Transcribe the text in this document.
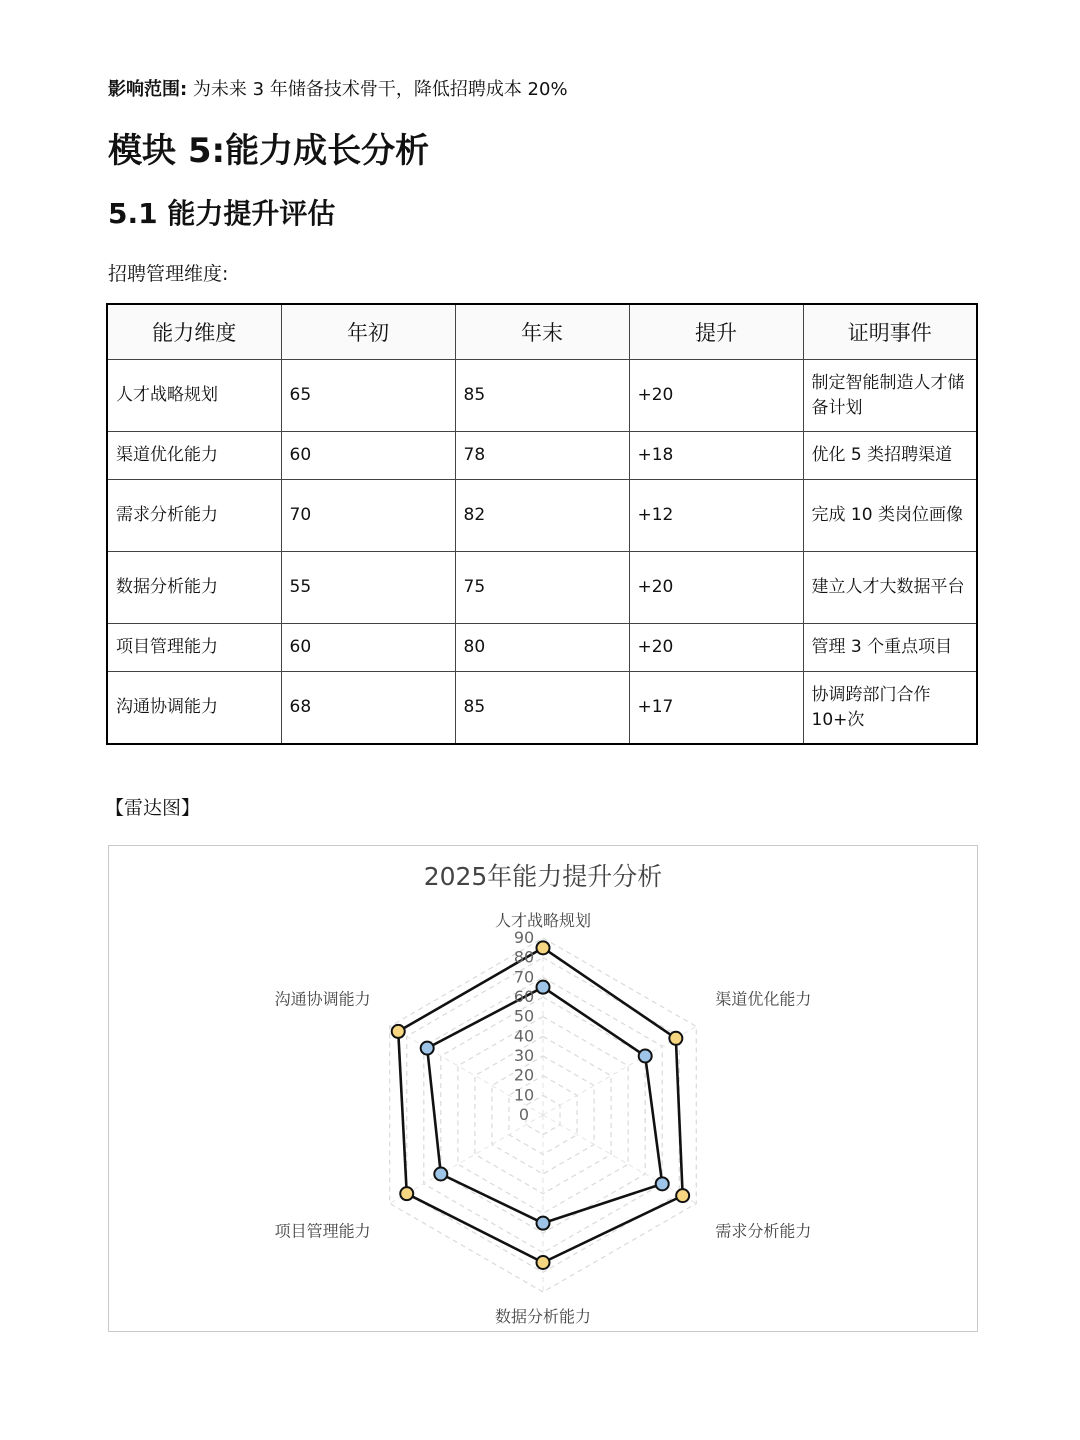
影响范围: 为未来 3 年储备技术骨干，降低招聘成本 20%
模块 5:能力成长分析
5.1 能力提升评估
招聘管理维度:
能力维度	年初	年末	提升	证明事件
人才战略规划	65	85	+20	制定智能制造人才储备计划
渠道优化能力	60	78	+18	优化 5 类招聘渠道
需求分析能力	70	82	+12	完成 10 类岗位画像
数据分析能力	55	75	+20	建立人才大数据平台
项目管理能力	60	80	+20	管理 3 个重点项目
沟通协调能力	68	85	+17	协调跨部门合作 10+次
【雷达图】
2025年能力提升分析
0
10
20
30
40
50
60
70
80
90
人才战略规划
渠道优化能力
需求分析能力
数据分析能力
项目管理能力
沟通协调能力
